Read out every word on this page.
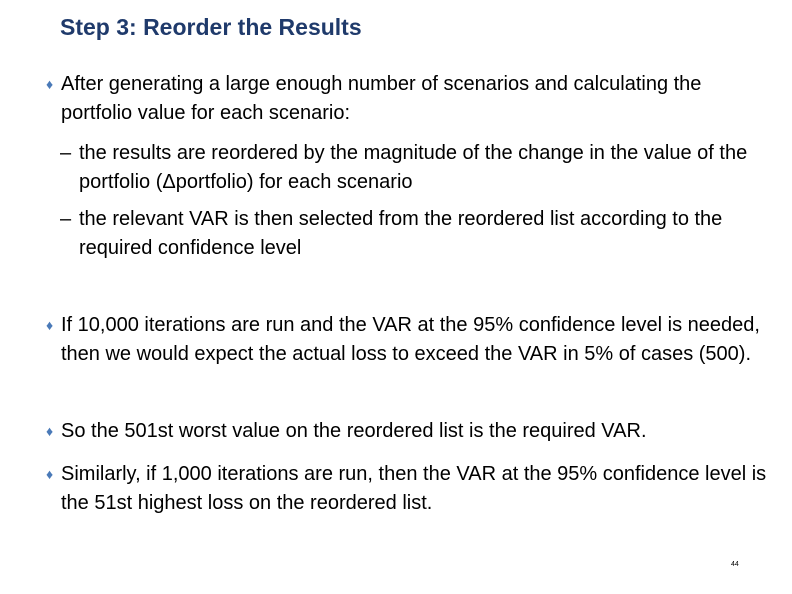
Step 3: Reorder the Results
♦ After generating a large enough number of scenarios and calculating the portfolio value for each scenario:
– the results are reordered by the magnitude of the change in the value of the portfolio (Δportfolio) for each scenario
– the relevant VAR is then selected from the reordered list according to the required confidence level
♦ If 10,000 iterations are run and the VAR at the 95% confidence level is needed, then we would expect the actual loss to exceed the VAR in 5% of cases (500).
♦ So the 501st worst value on the reordered list is the required VAR.
♦ Similarly, if 1,000 iterations are run, then the VAR at the 95% confidence level is the 51st highest loss on the reordered list.
44
